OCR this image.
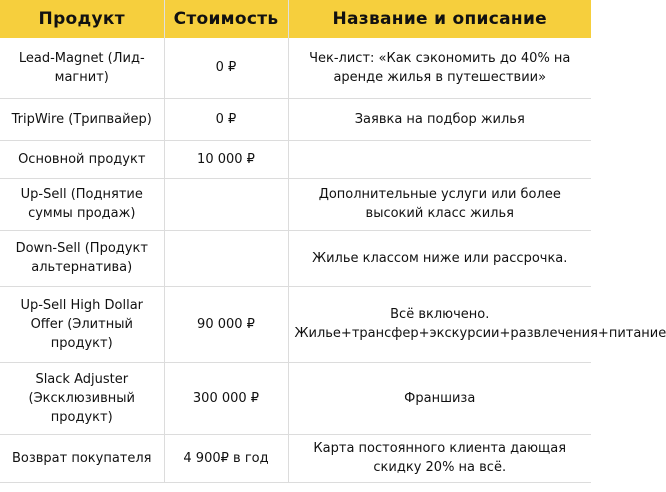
Продукт	Стоимость	Название и описание
Lead-Magnet (Лид-магнит)	0 ₽	Чек-лист: «Как сэкономить до 40% на аренде жилья в путешествии»
TripWire (Трипвайер)	0 ₽	Заявка на подбор жилья
Основной продукт	10 000 ₽	
Up-Sell (Поднятие суммы продаж)		Дополнительные услуги или более высокий класс жилья
Down-Sell (Продукт альтернатива)		Жилье классом ниже или рассрочка.
Up-Sell High Dollar Offer (Элитный продукт)	90 000 ₽	Всё включено. Жилье+трансфер+экскурсии+развлечения+питание
Slack Adjuster (Эксклюзивный продукт)	300 000 ₽	Франшиза
Возврат покупателя	4 900₽ в год	Карта постоянного клиента дающая скидку 20% на всё.
